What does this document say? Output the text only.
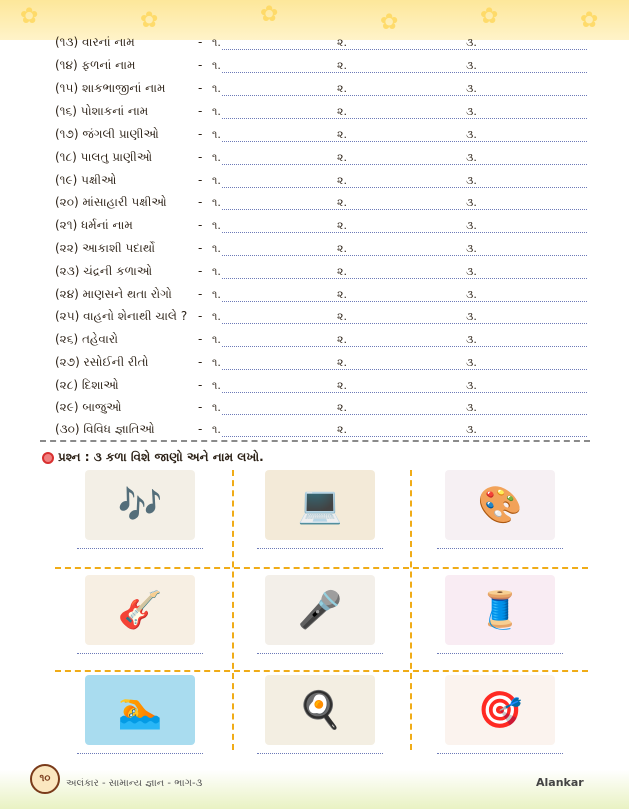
✿	✿	✿	✿	✿	✿
(૧૩) વારનાં નામ	- ૧.	૨.	૩.
(૧૪) ફળનાં નામ	- ૧.	૨.	૩.
(૧૫) શાકભાજીનાં નામ	- ૧.	૨.	૩.
(૧૬) પોશાકનાં નામ	- ૧.	૨.	૩.
(૧૭) જંગલી પ્રાણીઓ	- ૧.	૨.	૩.
(૧૮) પાલતુ પ્રાણીઓ	- ૧.	૨.	૩.
(૧૯) પક્ષીઓ	- ૧.	૨.	૩.
(૨૦) માંસાહારી પક્ષીઓ	- ૧.	૨.	૩.
(૨૧) ધર્મનાં નામ	- ૧.	૨.	૩.
(૨૨) આકાશી પદાર્થો	- ૧.	૨.	૩.
(૨૩) ચંદ્રની કળાઓ	- ૧.	૨.	૩.
(૨૪) માણસને થતા રોગો - ૧.	૨.	૩.
(૨૫) વાહનો શેનાથી ચાલે ? - ૧.	૨.	૩.
(૨૬) તહેવારો	- ૧.	૨.	૩.
(૨૭) રસોઈની રીતો	- ૧.	૨.	૩.
(૨૮) દિશાઓ	- ૧.	૨.	૩.
(૨૯) બાજુઓ	- ૧.	૨.	૩.
(૩૦) વિવિધ જ્ઞાતિઓ	- ૧.	૨.	૩.
પ્રશ્ન : ૩ કળા વિશે જાણો અને નામ લખો.
🎶	💻	🎨
🎸	🎤	🧵
🏊	🍳	🎯
૧૦	અલંકાર - સામાન્ય જ્ઞાન - ભાગ-૩	Alankar
